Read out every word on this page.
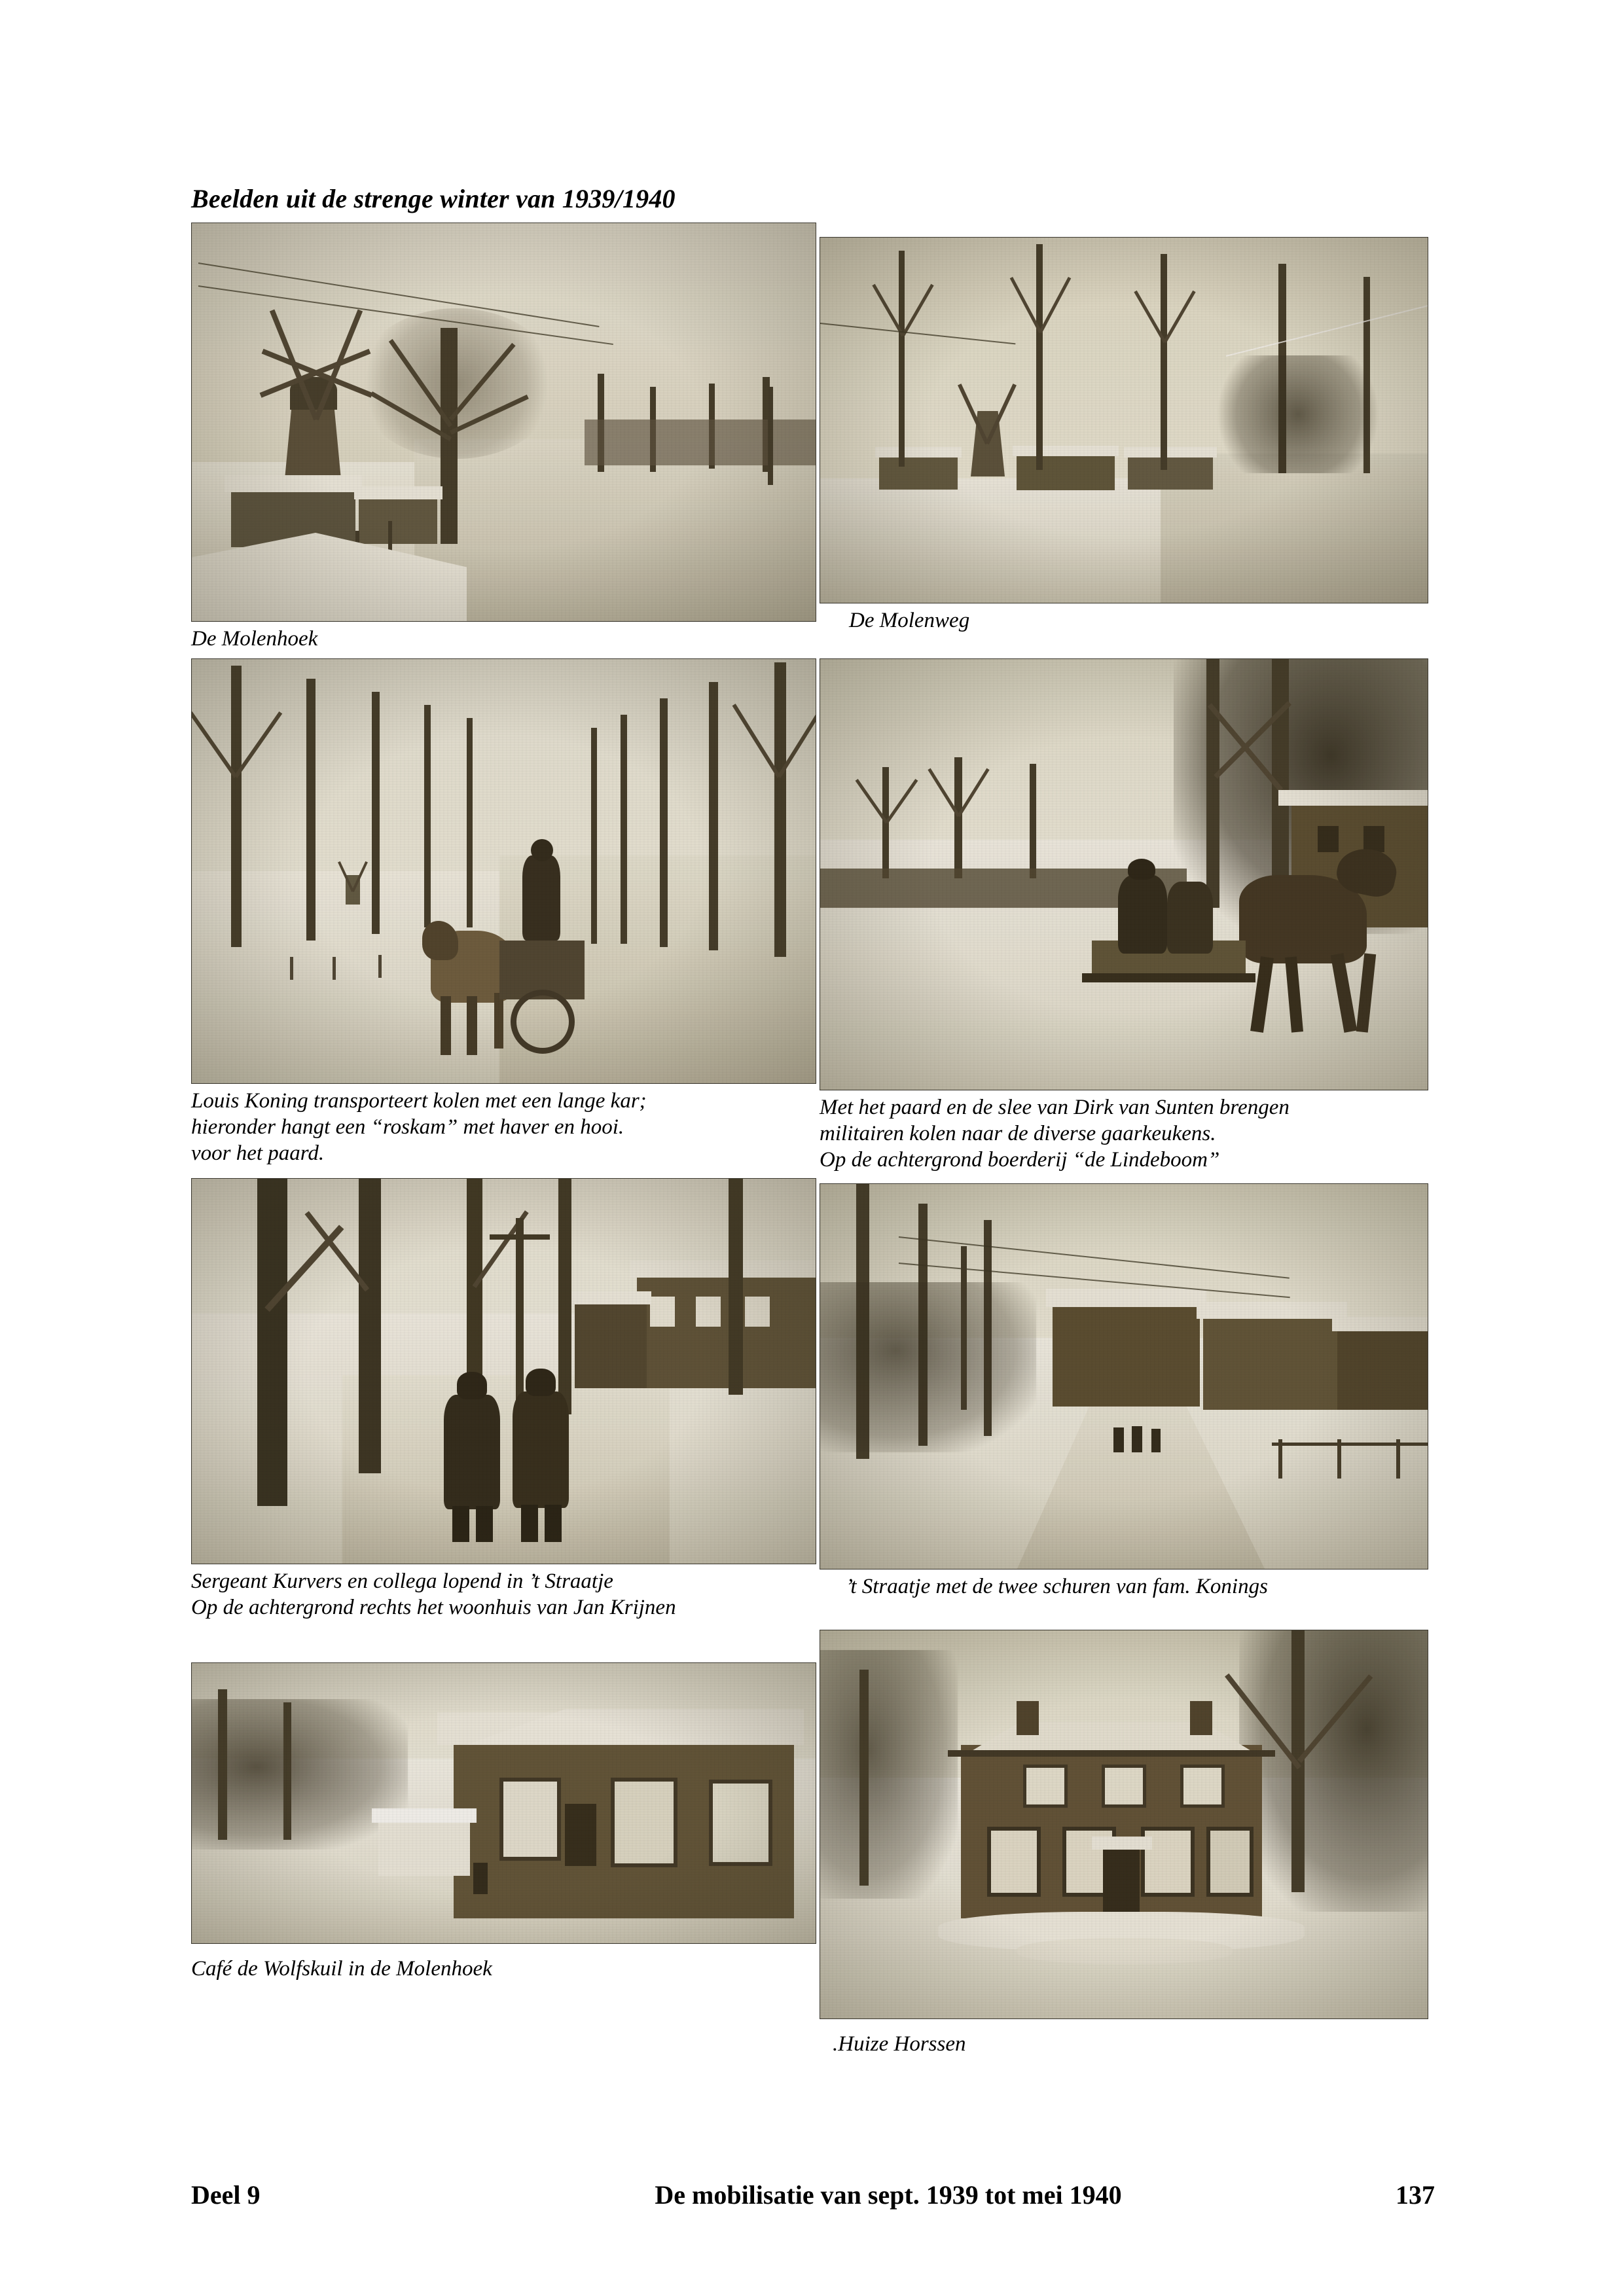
Beelden uit de strenge winter van 1939/1940

De Molenhoek

De Molenweg

Louis Koning transporteert kolen met een lange kar;

hieronder hangt een “roskam” met haver en hooi.

voor het paard.

Met het paard en de slee van Dirk van Sunten brengen

militairen kolen naar de diverse gaarkeukens.

Op de achtergrond boerderij “de Lindeboom”

Sergeant Kurvers en collega lopend in ’t Straatje

Op de achtergrond rechts het woonhuis van Jan Krijnen

’t Straatje met de twee schuren van fam. Konings

Café de Wolfskuil in de Molenhoek

.Huize Horssen

Deel 9	De mobilisatie van sept. 1939 tot mei 1940	137
